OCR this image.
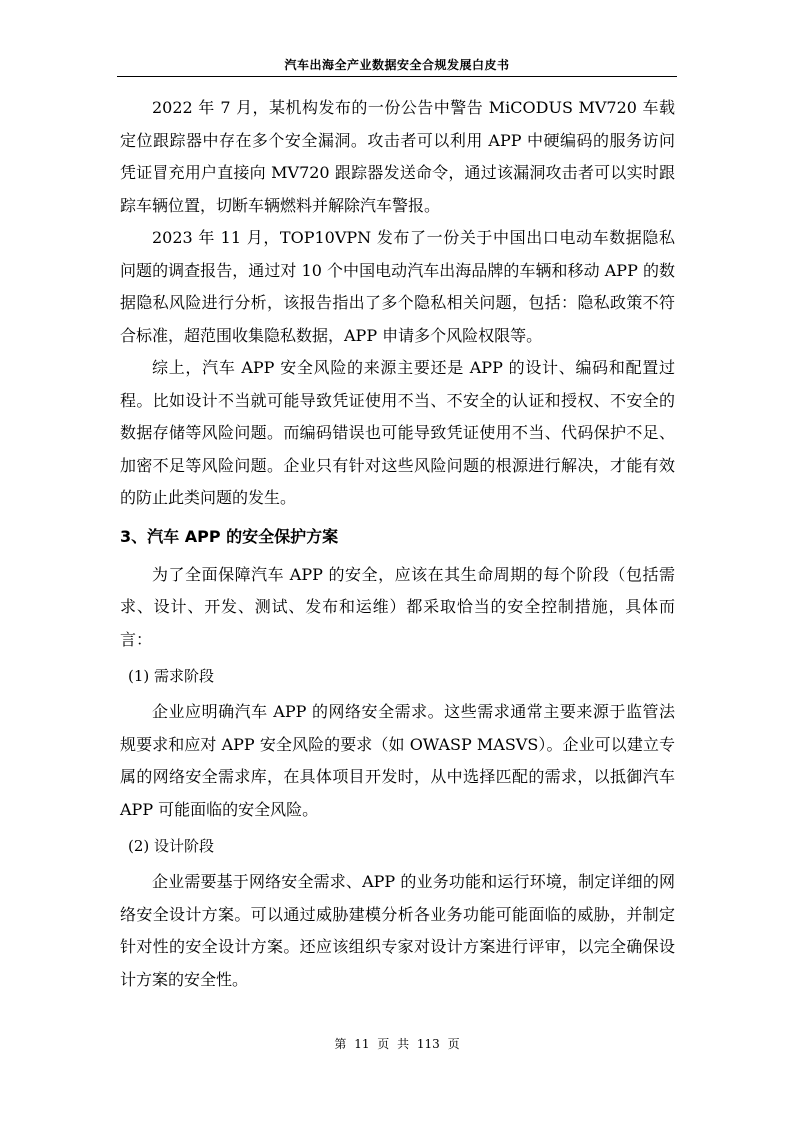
汽车出海全产业数据安全合规发展白皮书

2022 年 7 月，某机构发布的一份公告中警告 MiCODUS MV720 车载定位跟踪器中存在多个安全漏洞。攻击者可以利用 APP 中硬编码的服务访问凭证冒充用户直接向 MV720 跟踪器发送命令，通过该漏洞攻击者可以实时跟踪车辆位置，切断车辆燃料并解除汽车警报。

2023 年 11 月，TOP10VPN 发布了一份关于中国出口电动车数据隐私问题的调查报告，通过对 10 个中国电动汽车出海品牌的车辆和移动 APP 的数据隐私风险进行分析，该报告指出了多个隐私相关问题，包括：隐私政策不符合标准，超范围收集隐私数据，APP 申请多个风险权限等。

综上，汽车 APP 安全风险的来源主要还是 APP 的设计、编码和配置过程。比如设计不当就可能导致凭证使用不当、不安全的认证和授权、不安全的数据存储等风险问题。而编码错误也可能导致凭证使用不当、代码保护不足、加密不足等风险问题。企业只有针对这些风险问题的根源进行解决，才能有效的防止此类问题的发生。

3、汽车 APP 的安全保护方案

为了全面保障汽车 APP 的安全，应该在其生命周期的每个阶段（包括需求、设计、开发、测试、发布和运维）都采取恰当的安全控制措施，具体而言：

(1) 需求阶段

企业应明确汽车 APP 的网络安全需求。这些需求通常主要来源于监管法规要求和应对 APP 安全风险的要求（如 OWASP MASVS）。企业可以建立专属的网络安全需求库，在具体项目开发时，从中选择匹配的需求，以抵御汽车 APP 可能面临的安全风险。

(2) 设计阶段

企业需要基于网络安全需求、APP 的业务功能和运行环境，制定详细的网络安全设计方案。可以通过威胁建模分析各业务功能可能面临的威胁，并制定针对性的安全设计方案。还应该组织专家对设计方案进行评审，以完全确保设计方案的安全性。

第 11 页 共 113 页
